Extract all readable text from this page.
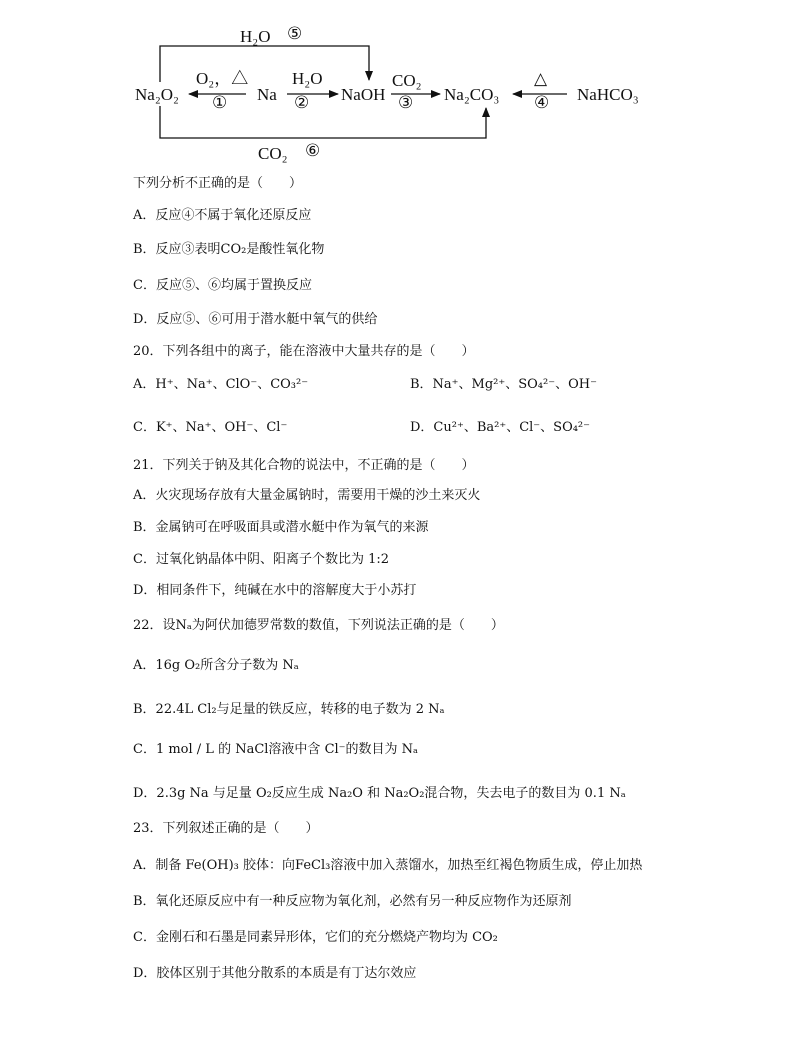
Na₂O₂	Na	NaOH	Na₂CO₃	NaHCO₃
O₂，△
①
H₂O
②
CO₂
③
△
④
H₂O ⑤
CO₂ ⑥
下列分析不正确的是（　　）
A．反应④不属于氧化还原反应
B．反应③表明CO₂是酸性氧化物
C．反应⑤、⑥均属于置换反应
D．反应⑤、⑥可用于潜水艇中氧气的供给
20．下列各组中的离子，能在溶液中大量共存的是（　　）
A．H⁺、Na⁺、ClO⁻、CO₃²⁻	B．Na⁺、Mg²⁺、SO₄²⁻、OH⁻
C．K⁺、Na⁺、OH⁻、Cl⁻	D．Cu²⁺、Ba²⁺、Cl⁻、SO₄²⁻
21．下列关于钠及其化合物的说法中，不正确的是（　　）
A．火灾现场存放有大量金属钠时，需要用干燥的沙土来灭火
B．金属钠可在呼吸面具或潜水艇中作为氧气的来源
C．过氧化钠晶体中阴、阳离子个数比为 1:2
D．相同条件下，纯碱在水中的溶解度大于小苏打
22．设Nₐ为阿伏加德罗常数的数值，下列说法正确的是（　　）
A．16g O₂所含分子数为 Nₐ
B．22.4L Cl₂与足量的铁反应，转移的电子数为 2 Nₐ
C．1 mol / L 的 NaCl溶液中含 Cl⁻的数目为 Nₐ
D．2.3g Na 与足量 O₂反应生成 Na₂O 和 Na₂O₂混合物，失去电子的数目为 0.1 Nₐ
23．下列叙述正确的是（　　）
A．制备 Fe(OH)₃ 胶体：向FeCl₃溶液中加入蒸馏水，加热至红褐色物质生成，停止加热
B．氧化还原反应中有一种反应物为氧化剂，必然有另一种反应物作为还原剂
C．金刚石和石墨是同素异形体，它们的充分燃烧产物均为 CO₂
D．胶体区别于其他分散系的本质是有丁达尔效应
